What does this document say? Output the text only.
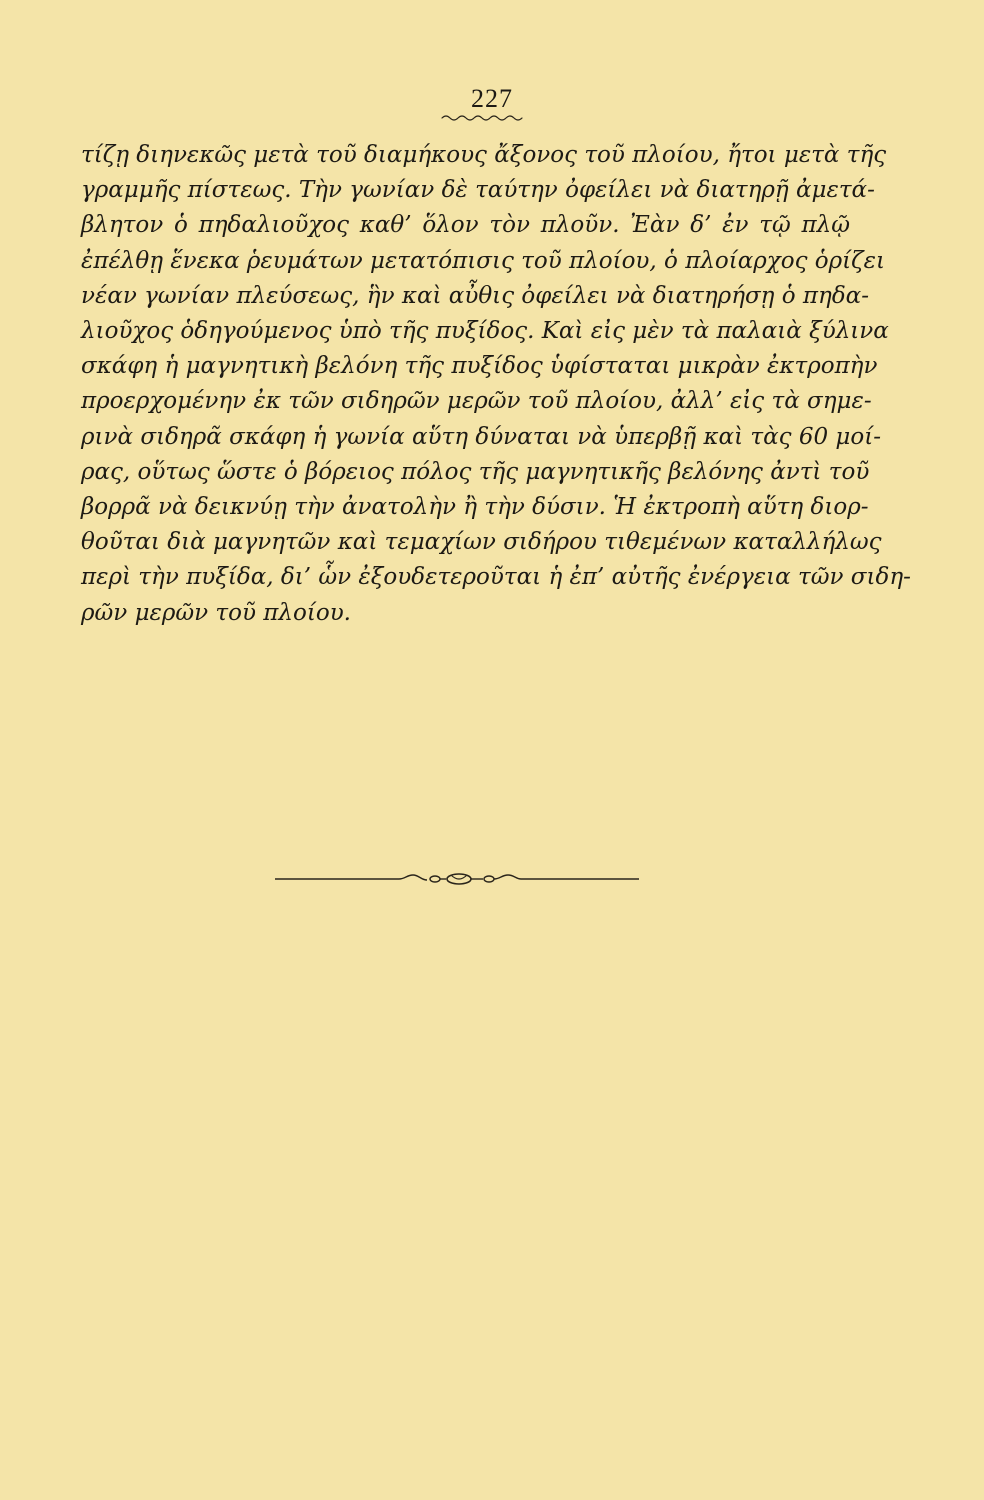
227

τίζῃ διηνεκῶς μετὰ τοῦ διαμήκους ἄξονος τοῦ πλοίου, ἤτοι μετὰ τῆς
γραμμῆς πίστεως. Τὴν γωνίαν δὲ ταύτην ὀφείλει νὰ διατηρῇ ἀμετά-
βλητον ὁ πηδαλιοῦχος καθ’ ὅλον τὸν πλοῦν. Ἐὰν δ’ ἐν τῷ πλῷ
ἐπέλθῃ ἕνεκα ῥευμάτων μετατόπισις τοῦ πλοίου, ὁ πλοίαρχος ὁρίζει
νέαν γωνίαν πλεύσεως, ἣν καὶ αὖθις ὀφείλει νὰ διατηρήσῃ ὁ πηδα-
λιοῦχος ὁδηγούμενος ὑπὸ τῆς πυξίδος. Καὶ εἰς μὲν τὰ παλαιὰ ξύλινα
σκάφη ἡ μαγνητικὴ βελόνη τῆς πυξίδος ὑφίσταται μικρὰν ἐκτροπὴν
προερχομένην ἐκ τῶν σιδηρῶν μερῶν τοῦ πλοίου, ἀλλ’ εἰς τὰ σημε-
ρινὰ σιδηρᾶ σκάφη ἡ γωνία αὕτη δύναται νὰ ὑπερβῇ καὶ τὰς 60 μοί-
ρας, οὕτως ὥστε ὁ βόρειος πόλος τῆς μαγνητικῆς βελόνης ἀντὶ τοῦ
βορρᾶ νὰ δεικνύῃ τὴν ἀνατολὴν ἢ τὴν δύσιν. Ἡ ἐκτροπὴ αὕτη διορ-
θοῦται διὰ μαγνητῶν καὶ τεμαχίων σιδήρου τιθεμένων καταλλήλως
περὶ τὴν πυξίδα, δι’ ὧν ἐξουδετεροῦται ἡ ἐπ’ αὐτῆς ἐνέργεια τῶν σιδη-
ρῶν μερῶν τοῦ πλοίου.
